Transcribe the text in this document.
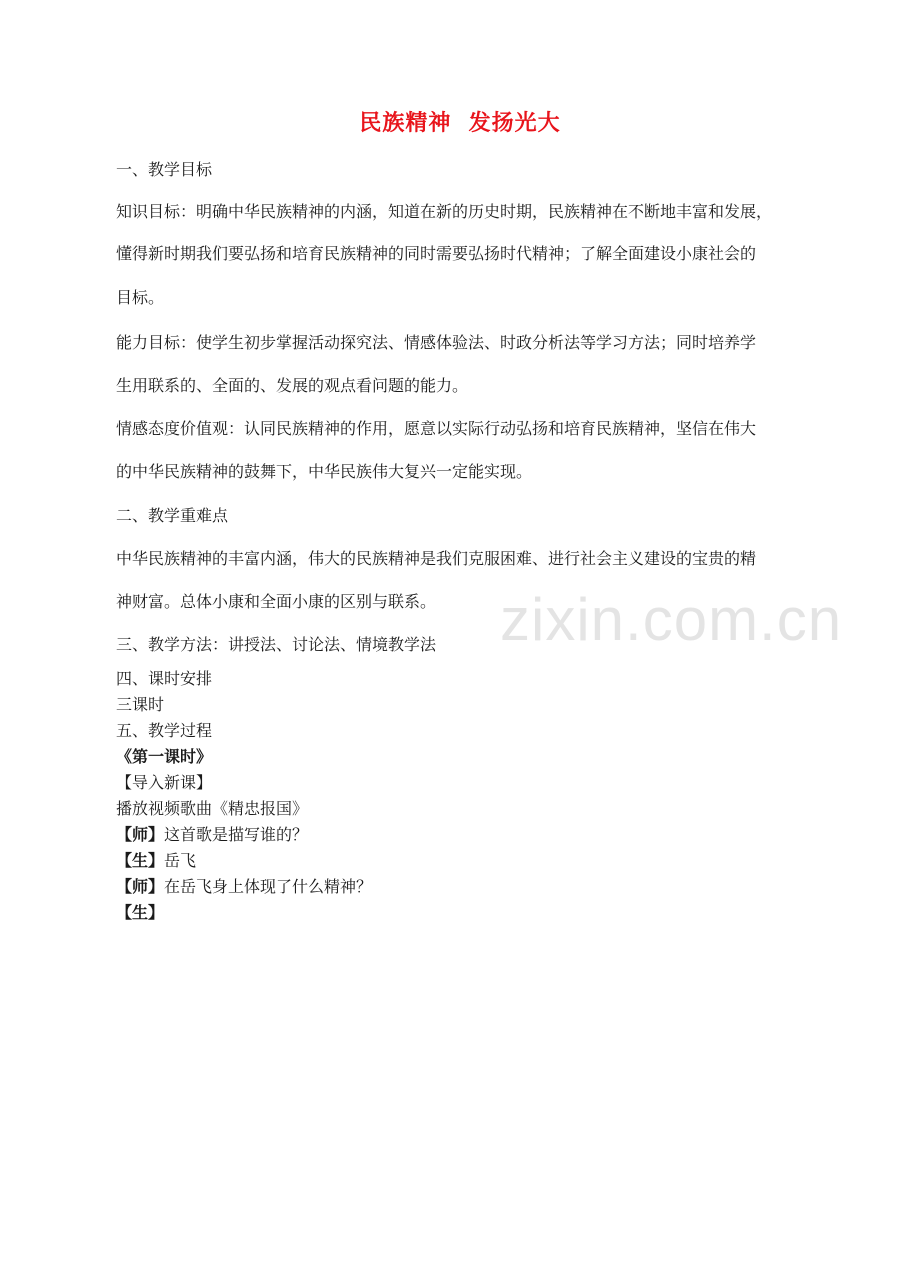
民族精神  发扬光大
一、教学目标
知识目标：明确中华民族精神的内涵，知道在新的历史时期，民族精神在不断地丰富和发展，
懂得新时期我们要弘扬和培育民族精神的同时需要弘扬时代精神；了解全面建设小康社会的
目标。
能力目标：使学生初步掌握活动探究法、情感体验法、时政分析法等学习方法；同时培养学
生用联系的、全面的、发展的观点看问题的能力。
情感态度价值观：认同民族精神的作用，愿意以实际行动弘扬和培育民族精神，坚信在伟大
的中华民族精神的鼓舞下，中华民族伟大复兴一定能实现。
二、教学重难点
中华民族精神的丰富内涵，伟大的民族精神是我们克服困难、进行社会主义建设的宝贵的精
神财富。总体小康和全面小康的区别与联系。
三、教学方法：讲授法、讨论法、情境教学法
四、课时安排
三课时
五、教学过程
《第一课时》
【导入新课】
播放视频歌曲《精忠报国》
【师】这首歌是描写谁的？
【生】岳飞
【师】在岳飞身上体现了什么精神？
【生】
zixin.com.cn
